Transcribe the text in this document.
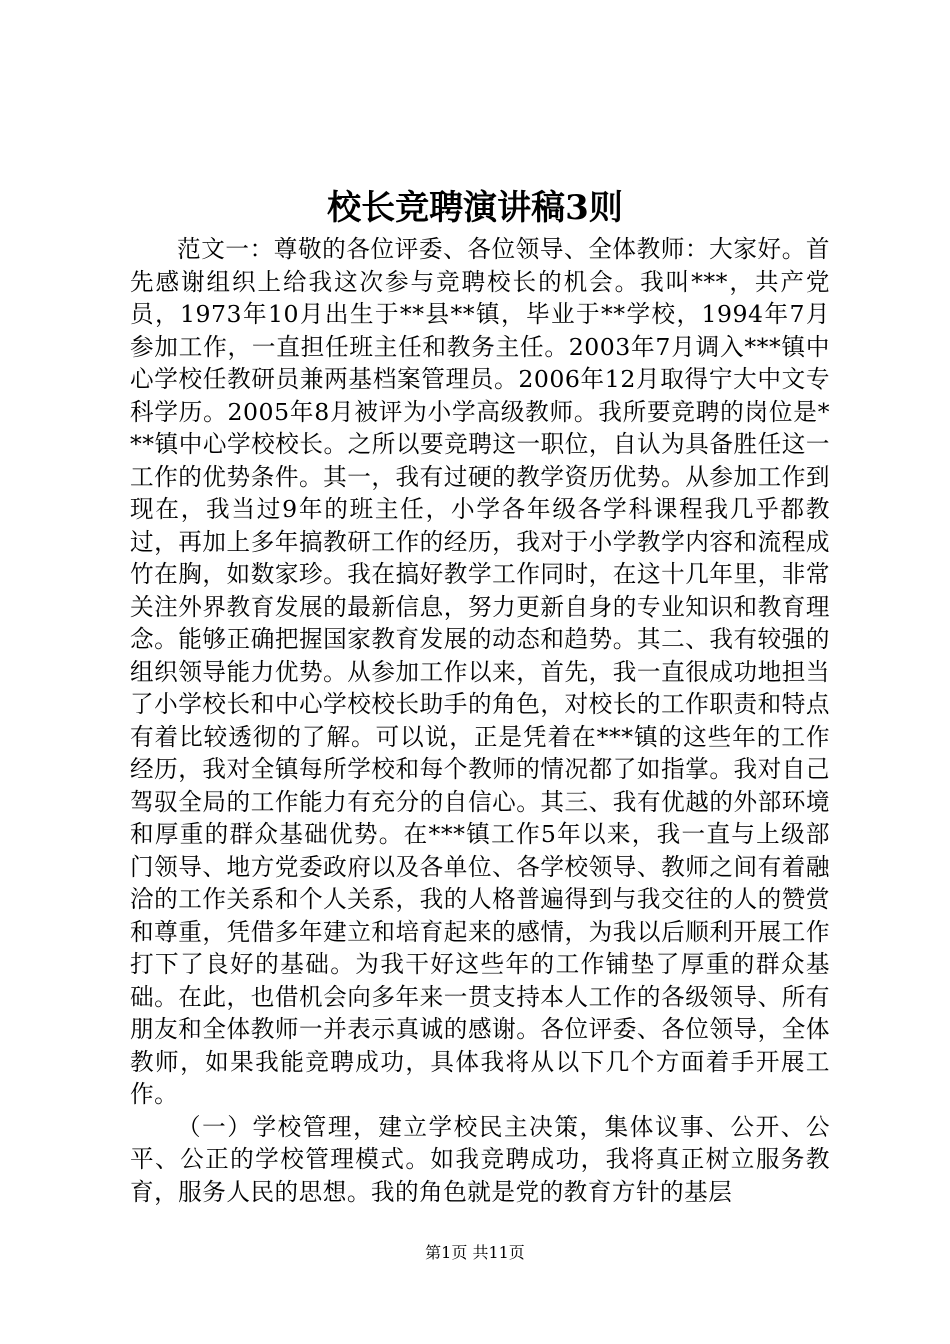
校长竞聘演讲稿3则

范文一：尊敬的各位评委、各位领导、全体教师：大家好。首先感谢组织上给我这次参与竞聘校长的机会。我叫***，共产党员，1973年10月出生于**县**镇，毕业于**学校，1994年7月参加工作，一直担任班主任和教务主任。2003年7月调入***镇中心学校任教研员兼两基档案管理员。2006年12月取得宁大中文专科学历。2005年8月被评为小学高级教师。我所要竞聘的岗位是***镇中心学校校长。之所以要竞聘这一职位，自认为具备胜任这一工作的优势条件。其一，我有过硬的教学资历优势。从参加工作到现在，我当过9年的班主任，小学各年级各学科课程我几乎都教过，再加上多年搞教研工作的经历，我对于小学教学内容和流程成竹在胸，如数家珍。我在搞好教学工作同时，在这十几年里，非常关注外界教育发展的最新信息，努力更新自身的专业知识和教育理念。能够正确把握国家教育发展的动态和趋势。其二、我有较强的组织领导能力优势。从参加工作以来，首先，我一直很成功地担当了小学校长和中心学校校长助手的角色，对校长的工作职责和特点有着比较透彻的了解。可以说，正是凭着在***镇的这些年的工作经历，我对全镇每所学校和每个教师的情况都了如指掌。我对自己驾驭全局的工作能力有充分的自信心。其三、我有优越的外部环境和厚重的群众基础优势。在***镇工作5年以来，我一直与上级部门领导、地方党委政府以及各单位、各学校领导、教师之间有着融洽的工作关系和个人关系，我的人格普遍得到与我交往的人的赞赏和尊重，凭借多年建立和培育起来的感情，为我以后顺利开展工作打下了良好的基础。为我干好这些年的工作铺垫了厚重的群众基础。在此，也借机会向多年来一贯支持本人工作的各级领导、所有朋友和全体教师一并表示真诚的感谢。各位评委、各位领导，全体教师，如果我能竞聘成功，具体我将从以下几个方面着手开展工作。

（一）学校管理，建立学校民主决策，集体议事、公开、公平、公正的学校管理模式。如我竞聘成功，我将真正树立服务教育，服务人民的思想。我的角色就是党的教育方针的基层

第1页 共11页
